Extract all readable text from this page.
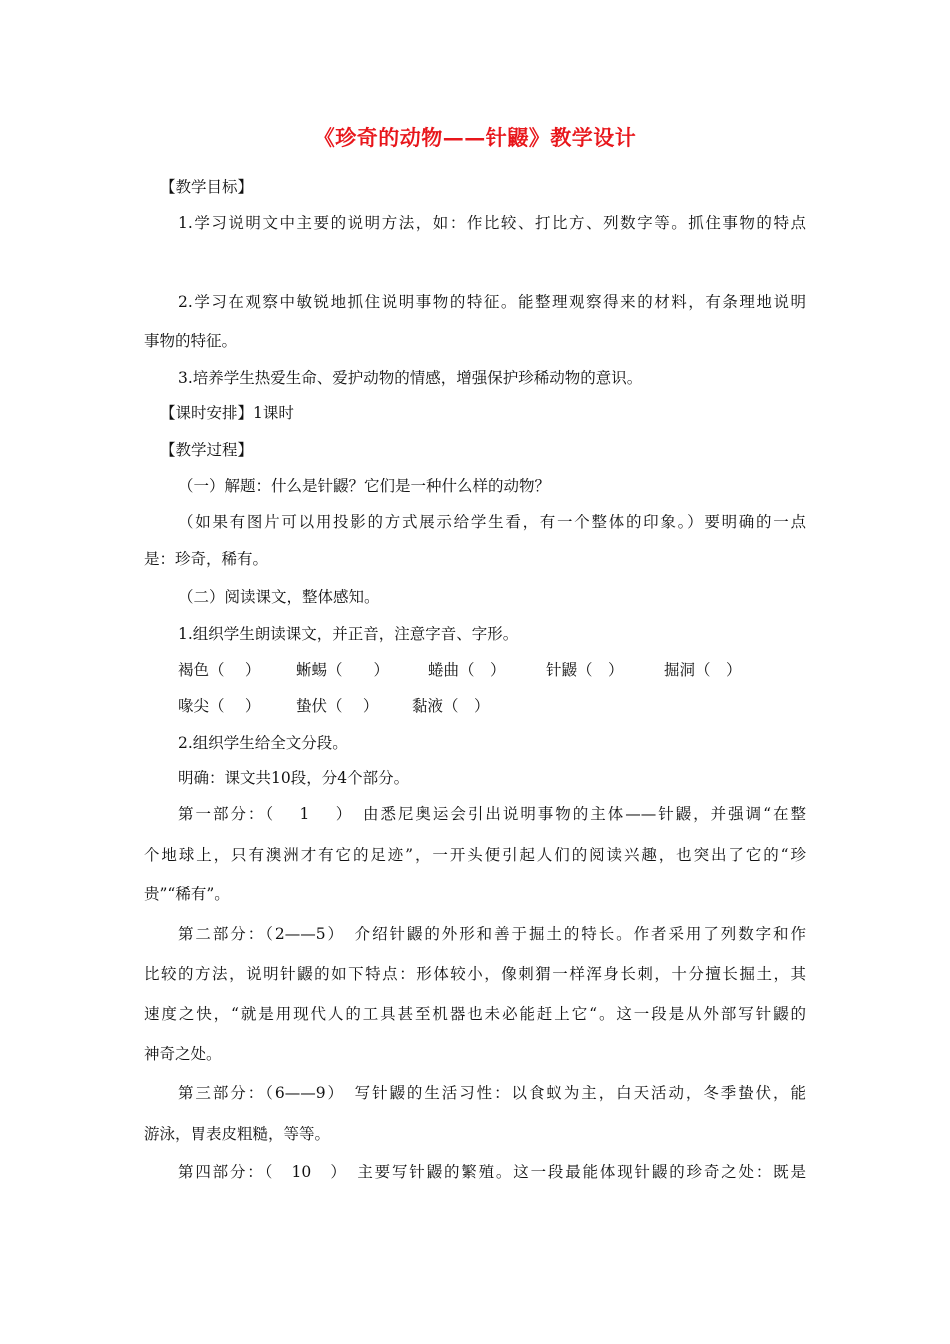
《珍奇的动物——针鼹》教学设计
【教学目标】
1.学习说明文中主要的说明方法，如：作比较、打比方、列数字等。抓住事物的特点
2.学习在观察中敏锐地抓住说明事物的特征。能整理观察得来的材料，有条理地说明
事物的特征。
3.培养学生热爱生命、爱护动物的情感，增强保护珍稀动物的意识。
【课时安排】1课时
【教学过程】
（一）解题：什么是针鼹？它们是一种什么样的动物？
（如果有图片可以用投影的方式展示给学生看，有一个整体的印象。）要明确的一点
是：珍奇，稀有。
（二）阅读课文，整体感知。
1.组织学生朗读课文，并正音，注意字音、字形。
褐色（　 ） 蜥蜴（　　）	蜷曲（　）	针鼹（　）	掘洞（　）
喙尖（　 ） 蛰伏（　 ） 黏液（　）
2.组织学生给全文分段。
明确：课文共10段，分4个部分。
第一部分：（　 1　 ）　由悉尼奥运会引出说明事物的主体——针鼹，并强调“在整
个地球上，只有澳洲才有它的足迹”，一开头便引起人们的阅读兴趣，也突出了它的“珍
贵”“稀有”。
第二部分：（2——5）　介绍针鼹的外形和善于掘土的特长。作者采用了列数字和作
比较的方法，说明针鼹的如下特点：形体较小，像刺猬一样浑身长刺，十分擅长掘土，其
速度之快，“就是用现代人的工具甚至机器也未必能赶上它“。这一段是从外部写针鼹的
神奇之处。
第三部分：（6——9）　写针鼹的生活习性：以食蚁为主，白天活动，冬季蛰伏，能
游泳，胃表皮粗糙，等等。
第四部分：（　10　）　主要写针鼹的繁殖。这一段最能体现针鼹的珍奇之处：既是
